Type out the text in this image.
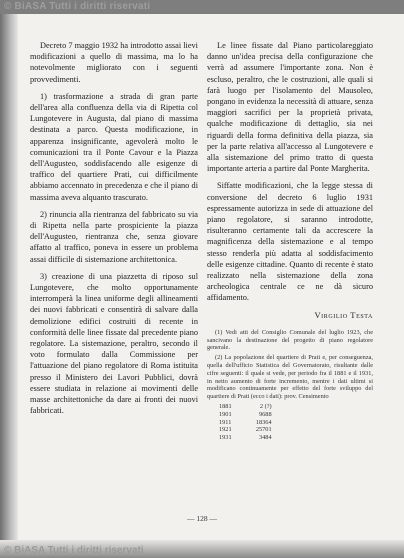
© BiASA Tutti i diritti riservati

Decreto 7 maggio 1932 ha introdotto assai lievi modificazioni a quello di massima, ma lo ha notevolmente migliorato con i seguenti provvedimenti.

1) trasformazione a strada di gran parte dell'area alla confluenza della via di Ripetta col Lungotevere in Augusta, dal piano di massima destinata a parco. Questa modificazione, in apparenza insignificante, agevolerà molto le comunicazioni tra il Ponte Cavour e la Piazza dell'Augusteo, soddisfacendo alle esigenze di traffico del quartiere Prati, cui difficilmente abbiamo accennato in precedenza e che il piano di massima aveva alquanto trascurato.

2) rinuncia alla rientranza del fabbricato su via di Ripetta nella parte prospiciente la piazza dell'Augusteo, rientranza che, senza giovare affatto al traffico, poneva in essere un problema assai difficile di sistemazione architettonica.

3) creazione di una piazzetta di riposo sul Lungotevere, che molto opportunamente interromperà la linea uniforme degli allineamenti dei nuovi fabbricati e consentirà di salvare dalla demolizione edifici costruiti di recente in conformità delle linee fissate dal precedente piano regolatore. La sistemazione, peraltro, secondo il voto formulato dalla Commissione per l'attuazione del piano regolatore di Roma istituita presso il Ministero dei Lavori Pubblici, dovrà essere studiata in relazione ai movimenti delle masse architettoniche da dare ai fronti dei nuovi fabbricati.

Le linee fissate dal Piano particolareggiato danno un'idea precisa della configurazione che verrà ad assumere l'importante zona. Non è escluso, peraltro, che le costruzioni, alle quali si farà luogo per l'isolamento del Mausoleo, pongano in evidenza la necessità di attuare, senza maggiori sacrifici per la proprietà privata, qualche modificazione di dettaglio, sia nei riguardi della forma definitiva della piazza, sia per la parte relativa all'accesso al Lungotevere e alla sistemazione del primo tratto di questa importante arteria a partire dal Ponte Margherita.

Siffatte modificazioni, che la legge stessa di conversione del decreto 6 luglio 1931 espressamente autorizza in sede di attuazione del piano regolatore, si saranno introdotte, risulteranno certamente tali da accrescere la magnificenza della sistemazione e al tempo stesso renderla più adatta al soddisfacimento delle esigenze cittadine. Quanto di recente è stato realizzato nella sistemazione della zona archeologica centrale ce ne dà sicuro affidamento.

Virgilio Testa

(1) Vedi atti del Consiglio Comunale del luglio 1923, che sancivano la destinazione del progetto di piano regolatore generale.

(2) La popolazione del quartiere di Prati e, per conseguenza, quella dell'ufficio Statistica del Governatorato, risultante dalle cifre seguenti: il quale si vede, per periodo fra il 1881 e il 1931, in netto aumento di forte incremento, mentre i dati ultimi si modificano continuamente per effetto del forte sviluppo del quartiere di Prati (ecco i dati): prov. Censimento

1881	2 (?)
1901	9688
1911	18364
1921	25701
1931	3484
— 128 —
© BiASA Tutti i diritti riservati
